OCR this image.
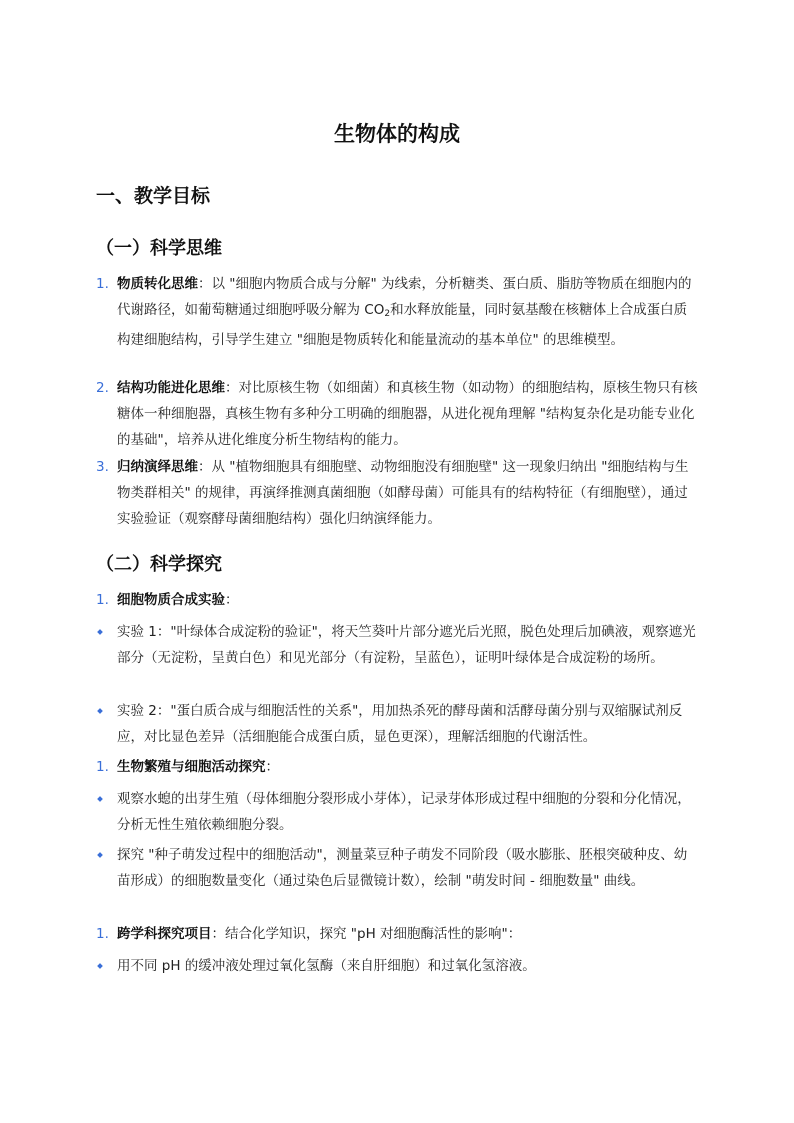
生物体的构成
一、教学目标
（一）科学思维
1. 物质转化思维：以 "细胞内物质合成与分解" 为线索，分析糖类、蛋白质、脂肪等物质在细胞内的代谢路径，如葡萄糖通过细胞呼吸分解为 $CO_2$和水释放能量，同时氨基酸在核糖体上合成蛋白质构建细胞结构，引导学生建立 "细胞是物质转化和能量流动的基本单位" 的思维模型。
2. 结构功能进化思维：对比原核生物（如细菌）和真核生物（如动物）的细胞结构，原核生物只有核糖体一种细胞器，真核生物有多种分工明确的细胞器，从进化视角理解 "结构复杂化是功能专业化的基础"，培养从进化维度分析生物结构的能力。
3. 归纳演绎思维：从 "植物细胞具有细胞壁、动物细胞没有细胞壁" 这一现象归纳出 "细胞结构与生物类群相关" 的规律，再演绎推测真菌细胞（如酵母菌）可能具有的结构特征（有细胞壁），通过实验验证（观察酵母菌细胞结构）强化归纳演绎能力。
（二）科学探究
1. 细胞物质合成实验：
实验 1："叶绿体合成淀粉的验证"，将天竺葵叶片部分遮光后光照，脱色处理后加碘液，观察遮光部分（无淀粉，呈黄白色）和见光部分（有淀粉，呈蓝色），证明叶绿体是合成淀粉的场所。
实验 2："蛋白质合成与细胞活性的关系"，用加热杀死的酵母菌和活酵母菌分别与双缩脲试剂反应，对比显色差异（活细胞能合成蛋白质，显色更深），理解活细胞的代谢活性。
1. 生物繁殖与细胞活动探究：
观察水螅的出芽生殖（母体细胞分裂形成小芽体），记录芽体形成过程中细胞的分裂和分化情况，分析无性生殖依赖细胞分裂。
探究 "种子萌发过程中的细胞活动"，测量菜豆种子萌发不同阶段（吸水膨胀、胚根突破种皮、幼苗形成）的细胞数量变化（通过染色后显微镜计数），绘制 "萌发时间 - 细胞数量" 曲线。
1. 跨学科探究项目：结合化学知识，探究 "pH 对细胞酶活性的影响"：
用不同 pH 的缓冲液处理过氧化氢酶（来自肝细胞）和过氧化氢溶液。
